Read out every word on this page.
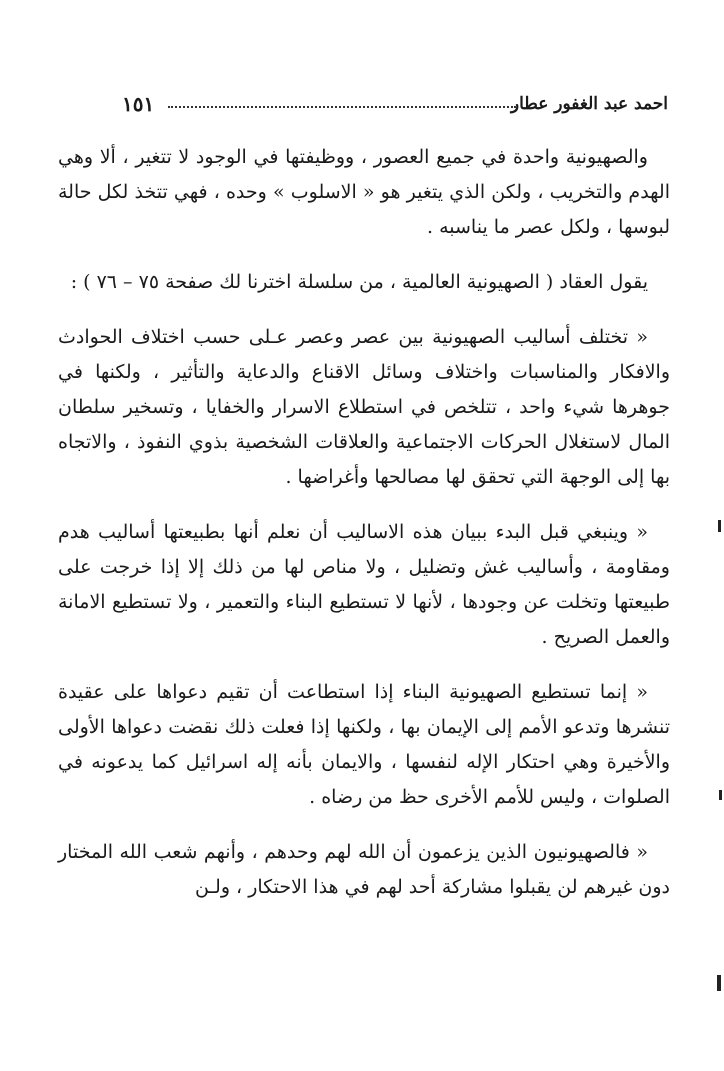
١٥١	احمد عبد الغفور عطار

والصهيونية واحدة في جميع العصور ، ووظيفتها في الوجود لا تتغير ، ألا وهي الهدم والتخريب ، ولكن الذي يتغير هو « الاسلوب » وحده ، فهي تتخذ لكل حالة لبوسها ، ولكل عصر ما يناسبه .

يقول العقاد ( الصهيونية العالمية ، من سلسلة اخترنا لك صفحة ٧٥ – ٧٦ ) :

« تختلف أساليب الصهيونية بين عصر وعصر عـلى حسب اختلاف الحوادث والافكار والمناسبات واختلاف وسائل الاقناع والدعاية والتأثير ، ولكنها في جوهرها شيء واحد ، تتلخص في استطلاع الاسرار والخفايا ، وتسخير سلطان المال لاستغلال الحركات الاجتماعية والعلاقات الشخصية بذوي النفوذ ، والاتجاه بها إلى الوجهة التي تحقق لها مصالحها وأغراضها .

« وينبغي قبل البدء ببيان هذه الاساليب أن نعلم أنها بطبيعتها أساليب هدم ومقاومة ، وأساليب غش وتضليل ، ولا مناص لها من ذلك إلا إذا خرجت على طبيعتها وتخلت عن وجودها ، لأنها لا تستطيع البناء والتعمير ، ولا تستطيع الامانة والعمل الصريح .

« إنما تستطيع الصهيونية البناء إذا استطاعت أن تقيم دعواها على عقيدة تنشرها وتدعو الأمم إلى الإيمان بها ، ولكنها إذا فعلت ذلك نقضت دعواها الأولى والأخيرة وهي احتكار الإله لنفسها ، والايمان بأنه إله اسرائيل كما يدعونه في الصلوات ، وليس للأمم الأخرى حظ من رضاه .

« فالصهيونيون الذين يزعمون أن الله لهم وحدهم ، وأنهم شعب الله المختار دون غيرهم لن يقبلوا مشاركة أحد لهم في هذا الاحتكار ، ولـن
